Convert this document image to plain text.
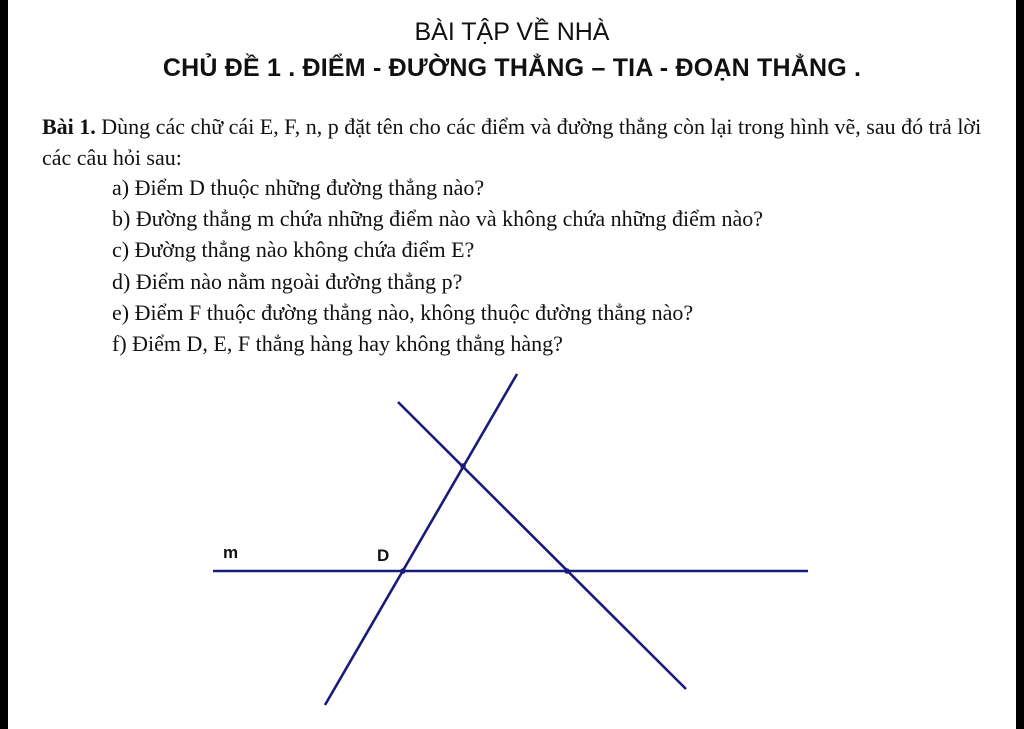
BÀI TẬP VỀ NHÀ
CHỦ ĐỀ 1 . ĐIỂM - ĐƯỜNG THẲNG – TIA - ĐOẠN THẲNG .

Bài 1. Dùng các chữ cái E, F, n, p đặt tên cho các điểm và đường thẳng còn lại trong hình vẽ, sau đó trả lời các câu hỏi sau:

a) Điểm D thuộc những đường thẳng nào?
b) Đường thẳng m chứa những điểm nào và không chứa những điểm nào?
c) Đường thẳng nào không chứa điểm E?
d) Điểm nào nằm ngoài đường thẳng p?
e) Điểm F thuộc đường thẳng nào, không thuộc đường thẳng nào?
f) Điểm D, E, F thẳng hàng hay không thẳng hàng?
m	D
